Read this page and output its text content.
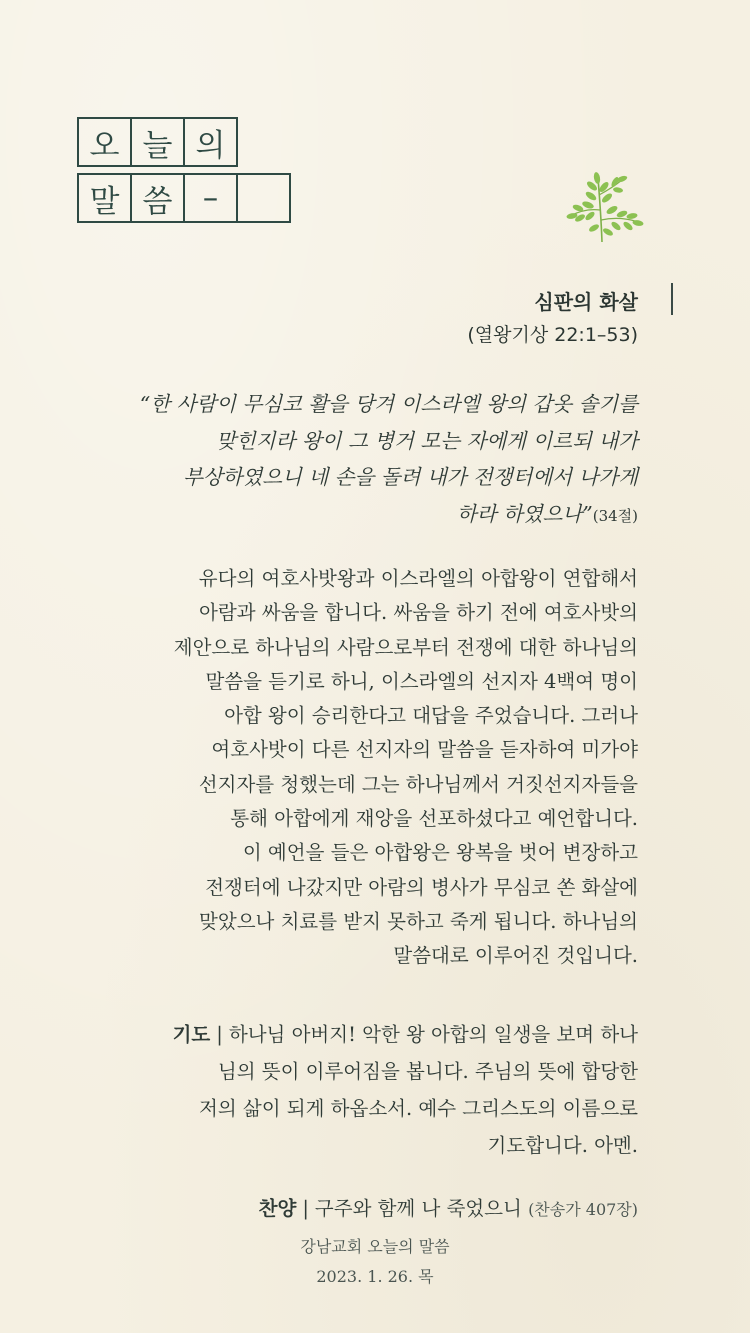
오 늘 의
말 씀 –
심판의 화살
(열왕기상 22:1–53)
“한 사람이 무심코 활을 당겨 이스라엘 왕의 갑옷 솔기를
맞힌지라 왕이 그 병거 모는 자에게 이르되 내가
부상하였으니 네 손을 돌려 내가 전쟁터에서 나가게
하라 하였으나”(34절)
유다의 여호사밧왕과 이스라엘의 아합왕이 연합해서
아람과 싸움을 합니다. 싸움을 하기 전에 여호사밧의
제안으로 하나님의 사람으로부터 전쟁에 대한 하나님의
말씀을 듣기로 하니, 이스라엘의 선지자 4백여 명이
아합 왕이 승리한다고 대답을 주었습니다. 그러나
여호사밧이 다른 선지자의 말씀을 듣자하여 미가야
선지자를 청했는데 그는 하나님께서 거짓선지자들을
통해 아합에게 재앙을 선포하셨다고 예언합니다.
이 예언을 들은 아합왕은 왕복을 벗어 변장하고
전쟁터에 나갔지만 아람의 병사가 무심코 쏜 화살에
맞았으나 치료를 받지 못하고 죽게 됩니다. 하나님의
말씀대로 이루어진 것입니다.
기도 | 하나님 아버지! 악한 왕 아합의 일생을 보며 하나
님의 뜻이 이루어짐을 봅니다. 주님의 뜻에 합당한
저의 삶이 되게 하옵소서. 예수 그리스도의 이름으로
기도합니다. 아멘.
찬양 | 구주와 함께 나 죽었으니 (찬송가 407장)
강남교회 오늘의 말씀
2023. 1. 26. 목
